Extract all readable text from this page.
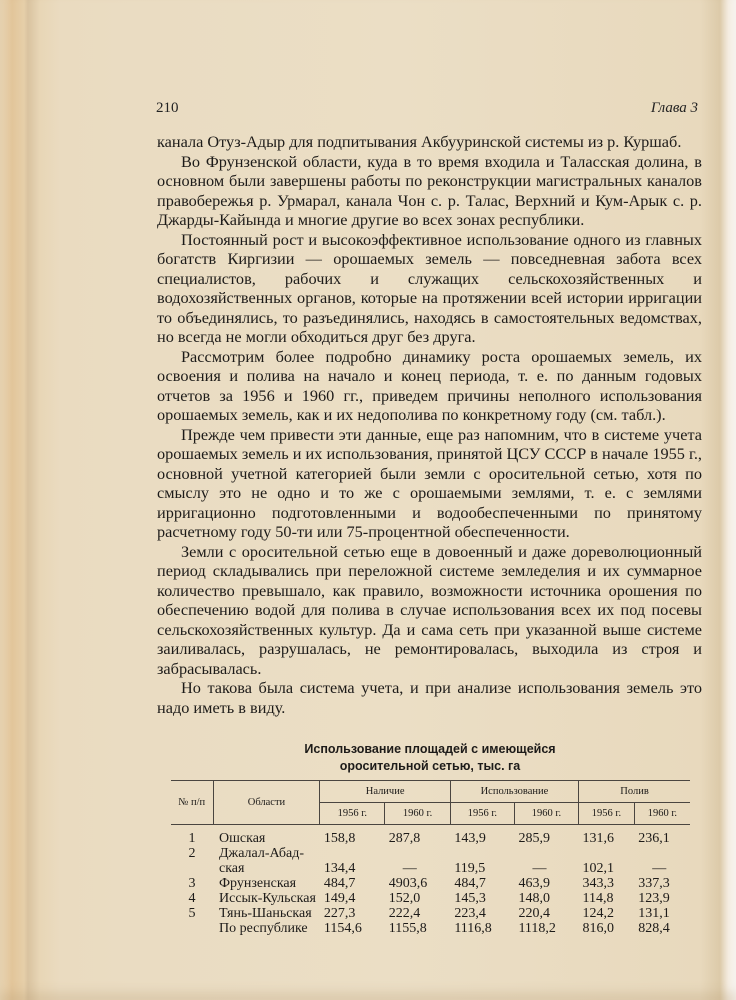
210	Глава 3

канала Отуз-Адыр для подпитывания Акбууринской системы из р. Куршаб.

Во Фрунзенской области, куда в то время входила и Таласская долина, в основном были завершены работы по реконструкции магистральных каналов правобережья р. Урмарал, канала Чон с. р. Талас, Верхний и Кум-Арык с. р. Джарды-Кайында и многие другие во всех зонах республики.

Постоянный рост и высокоэффективное использование одного из главных богатств Киргизии — орошаемых земель — повседневная забота всех специалистов, рабочих и служащих сельскохозяйственных и водохозяйственных органов, которые на протяжении всей истории ирригации то объединялись, то разъединялись, находясь в самостоятельных ведомствах, но всегда не могли обходиться друг без друга.

Рассмотрим более подробно динамику роста орошаемых земель, их освоения и полива на начало и конец периода, т. е. по данным годовых отчетов за 1956 и 1960 гг., приведем причины неполного использования орошаемых земель, как и их недополива по конкретному году (см. табл.).

Прежде чем привести эти данные, еще раз напомним, что в системе учета орошаемых земель и их использования, принятой ЦСУ СССР в начале 1955 г., основной учетной категорией были земли с оросительной сетью, хотя по смыслу это не одно и то же с орошаемыми землями, т. е. с землями ирригационно подготовленными и водообеспеченными по принятому расчетному году 50-ти или 75-процентной обеспеченности.

Земли с оросительной сетью еще в довоенный и даже дореволюционный период складывались при переложной системе земледелия и их суммарное количество превышало, как правило, возможности источника орошения по обеспечению водой для полива в случае использования всех их под посевы сельскохозяйственных культур. Да и сама сеть при указанной выше системе заиливалась, разрушалась, не ремонтировалась, выходила из строя и забрасывалась.

Но такова была система учета, и при анализе использования земель это надо иметь в виду.

Использование площадей с имеющейся
оросительной сетью, тыс. га
№ п/п	Области	Наличие		Использование		Полив	
		1956 г.	1960 г.	1956 г.	1960 г.	1956 г.	1960 г.
1	Ошская	158,8	287,8	143,9	285,9	131,6	236,1
2	Джалал-Абад-						
	ская	134,4	—	119,5	—	102,1	—
3	Фрунзенская	484,7	4903,6	484,7	463,9	343,3	337,3
4	Иссык-Кульская	149,4	152,0	145,3	148,0	114,8	123,9
5	Тянь-Шаньская	227,3	222,4	223,4	220,4	124,2	131,1
	По республике	1154,6	1155,8	1116,8	1118,2	816,0	828,4
